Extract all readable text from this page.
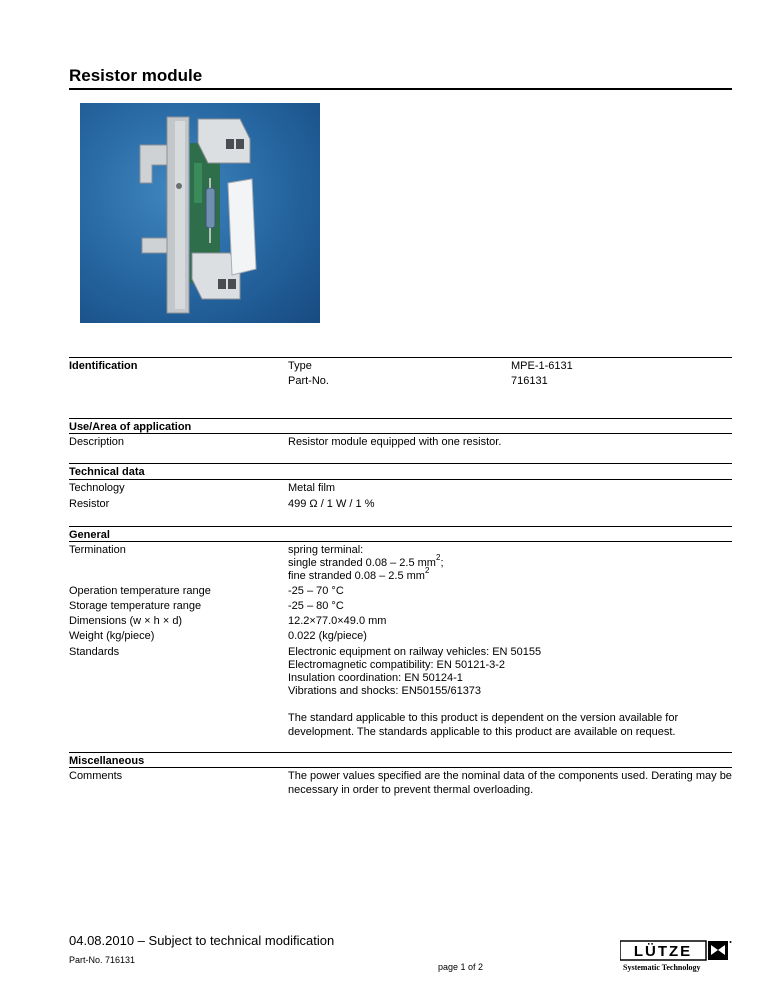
Resistor module
Identification	Type	MPE-1-6131
Part-No.	716131
Use/Area of application
Description	Resistor module equipped with one resistor.
Technical data
Technology	Metal film
Resistor	499 Ω / 1 W / 1 %
General
Termination	spring terminal:
single stranded 0.08 – 2.5 $mm^2$;
fine stranded 0.08 – 2.5 $mm^2$
Operation temperature range	-25 – 70 °C
Storage temperature range	-25 – 80 °C
Dimensions (w × h × d)	12.2×77.0×49.0 mm
Weight (kg/piece)	0.022 (kg/piece)
Standards	Electronic equipment on railway vehicles: EN 50155
Electromagnetic compatibility: EN 50121-3-2
Insulation coordination: EN 50124-1
Vibrations and shocks: EN50155/61373
The standard applicable to this product is dependent on the version available for development. The standards applicable to this product are available on request.
Miscellaneous
Comments	The power values specified are the nominal data of the components used. Derating may be necessary in order to prevent thermal overloading.
04.08.2010 – Subject to technical modification
Part-No. 716131
page 1 of 2
LÜTZE
Systematic Technology
